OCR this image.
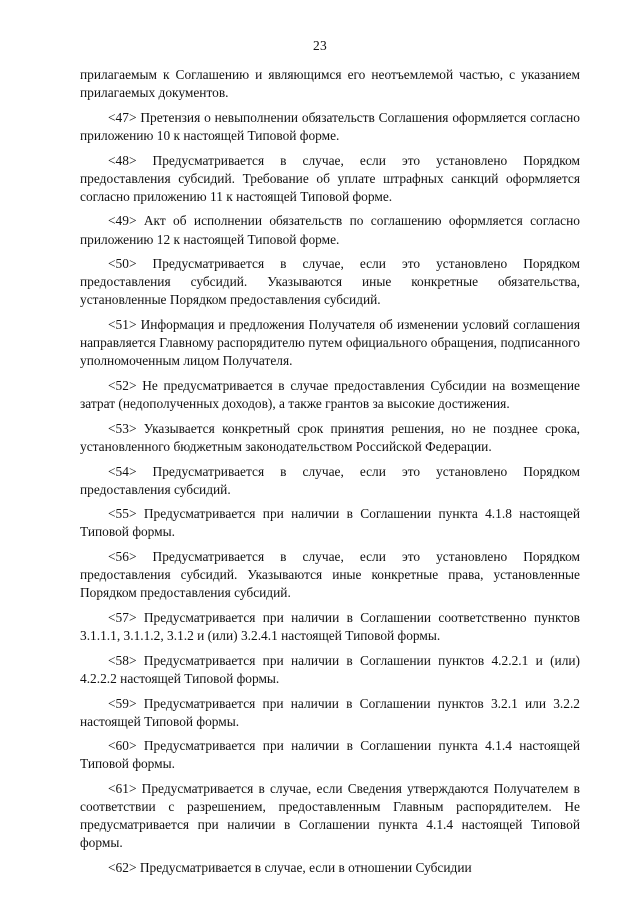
23

прилагаемым к Соглашению и являющимся его неотъемлемой частью, с указанием прилагаемых документов.

<47> Претензия о невыполнении обязательств Соглашения оформляется согласно приложению 10 к настоящей Типовой форме.

<48> Предусматривается в случае, если это установлено Порядком предоставления субсидий. Требование об уплате штрафных санкций оформляется согласно приложению 11 к настоящей Типовой форме.

<49> Акт об исполнении обязательств по соглашению оформляется согласно приложению 12 к настоящей Типовой форме.

<50> Предусматривается в случае, если это установлено Порядком предоставления субсидий. Указываются иные конкретные обязательства, установленные Порядком предоставления субсидий.

<51> Информация и предложения Получателя об изменении условий соглашения направляется Главному распорядителю путем официального обращения, подписанного уполномоченным лицом Получателя.

<52> Не предусматривается в случае предоставления Субсидии на возмещение затрат (недополученных доходов), а также грантов за высокие достижения.

<53> Указывается конкретный срок принятия решения, но не позднее срока, установленного бюджетным законодательством Российской Федерации.

<54> Предусматривается в случае, если это установлено Порядком предоставления субсидий.

<55> Предусматривается при наличии в Соглашении пункта 4.1.8 настоящей Типовой формы.

<56> Предусматривается в случае, если это установлено Порядком предоставления субсидий. Указываются иные конкретные права, установленные Порядком предоставления субсидий.

<57> Предусматривается при наличии в Соглашении соответственно пунктов 3.1.1.1, 3.1.1.2, 3.1.2 и (или) 3.2.4.1 настоящей Типовой формы.

<58> Предусматривается при наличии в Соглашении пунктов 4.2.2.1 и (или) 4.2.2.2 настоящей Типовой формы.

<59> Предусматривается при наличии в Соглашении пунктов 3.2.1 или 3.2.2 настоящей Типовой формы.

<60> Предусматривается при наличии в Соглашении пункта 4.1.4 настоящей Типовой формы.

<61> Предусматривается в случае, если Сведения утверждаются Получателем в соответствии с разрешением, предоставленным Главным распорядителем. Не предусматривается при наличии в Соглашении пункта 4.1.4 настоящей Типовой формы.

<62> Предусматривается в случае, если в отношении Субсидии
